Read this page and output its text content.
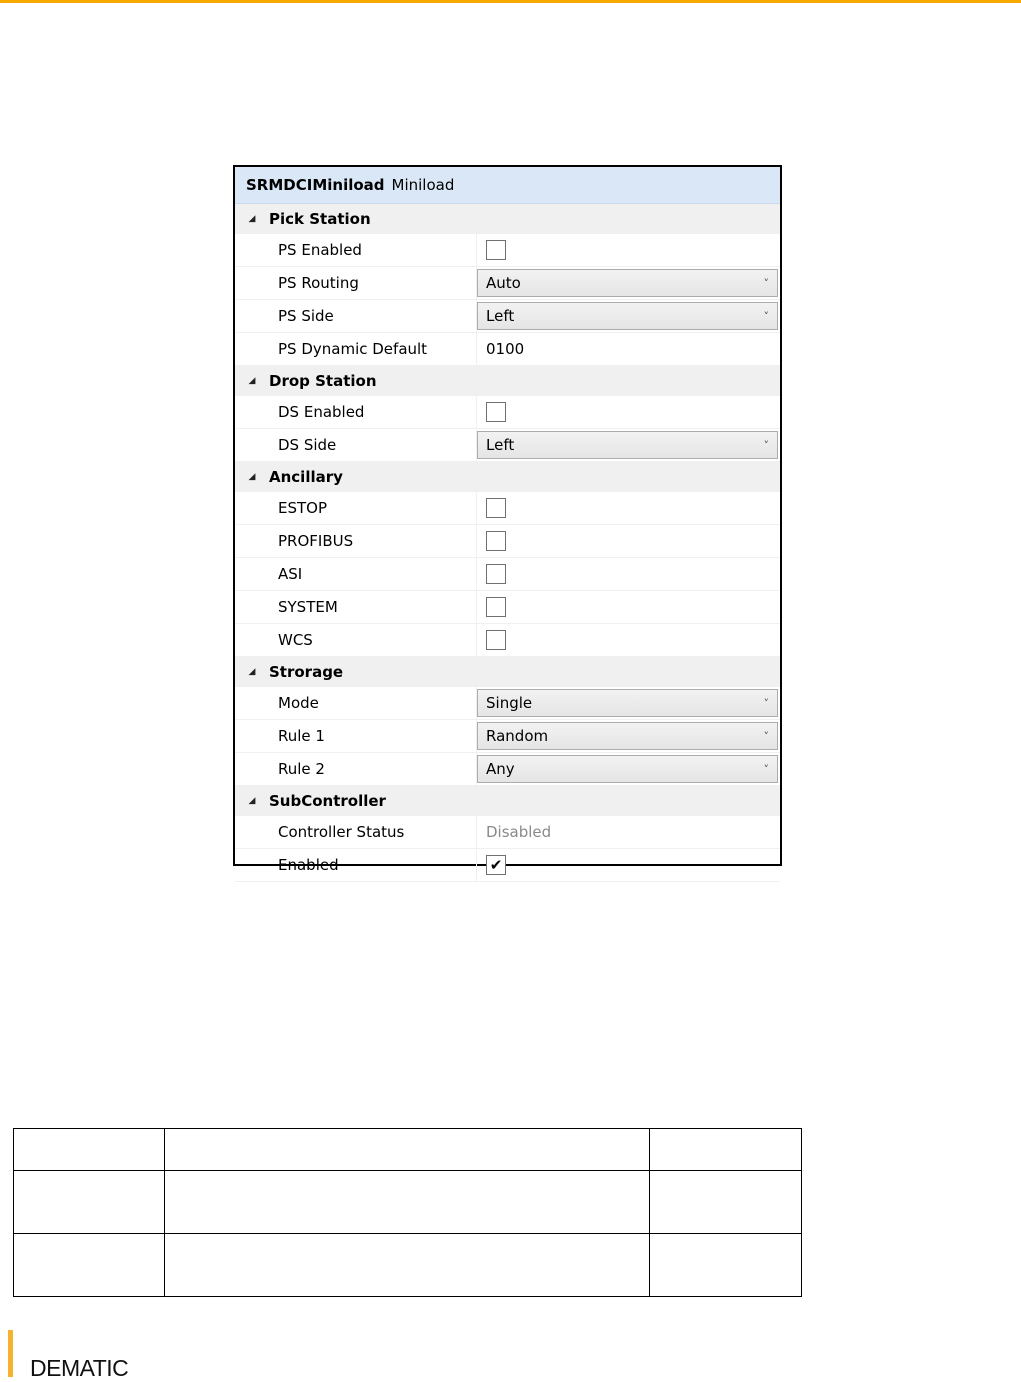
SRMDCIMiniload Miniload
◢ Pick Station
PS Enabled
PS Routing	Auto	˅
PS Side	Left	˅
PS Dynamic Default	0100
◢ Drop Station
DS Enabled
DS Side	Left	˅
◢ Ancillary
ESTOP
PROFIBUS
ASI
SYSTEM
WCS
◢ Strorage
Mode	Single	˅
Rule 1	Random	˅
Rule 2	Any	˅
◢ SubController
Controller Status	Disabled
Enabled	✔

DEMATIC
